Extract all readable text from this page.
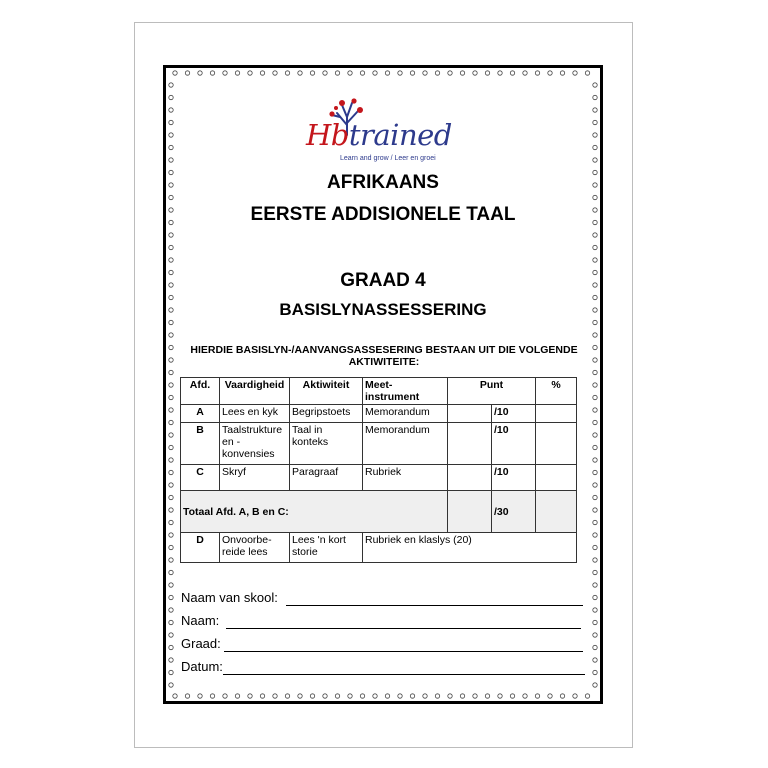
Hbtrained
Learn and grow / Leer en groei
AFRIKAANS
EERSTE ADDISIONELE TAAL
GRAAD 4
BASISLYNASSESSERING
HIERDIE BASISLYN-/AANVANGSASSESERING BESTAAN UIT DIE VOLGENDE AKTIWITEITE:
Afd.	Vaardigheid	Aktiwiteit	Meet-instrument	Punt		%
A	Lees en kyk	Begripstoets	Memorandum		/10	
B	Taalstrukture en - konvensies	Taal in konteks	Memorandum		/10	
C	Skryf	Paragraaf	Rubriek		/10	
Totaal Afd. A, B en C:					/30	
D	Onvoorbe-reide lees	Lees 'n kort storie	Rubriek en klaslys (20)			
Naam van skool:
Naam:
Graad:
Datum:
